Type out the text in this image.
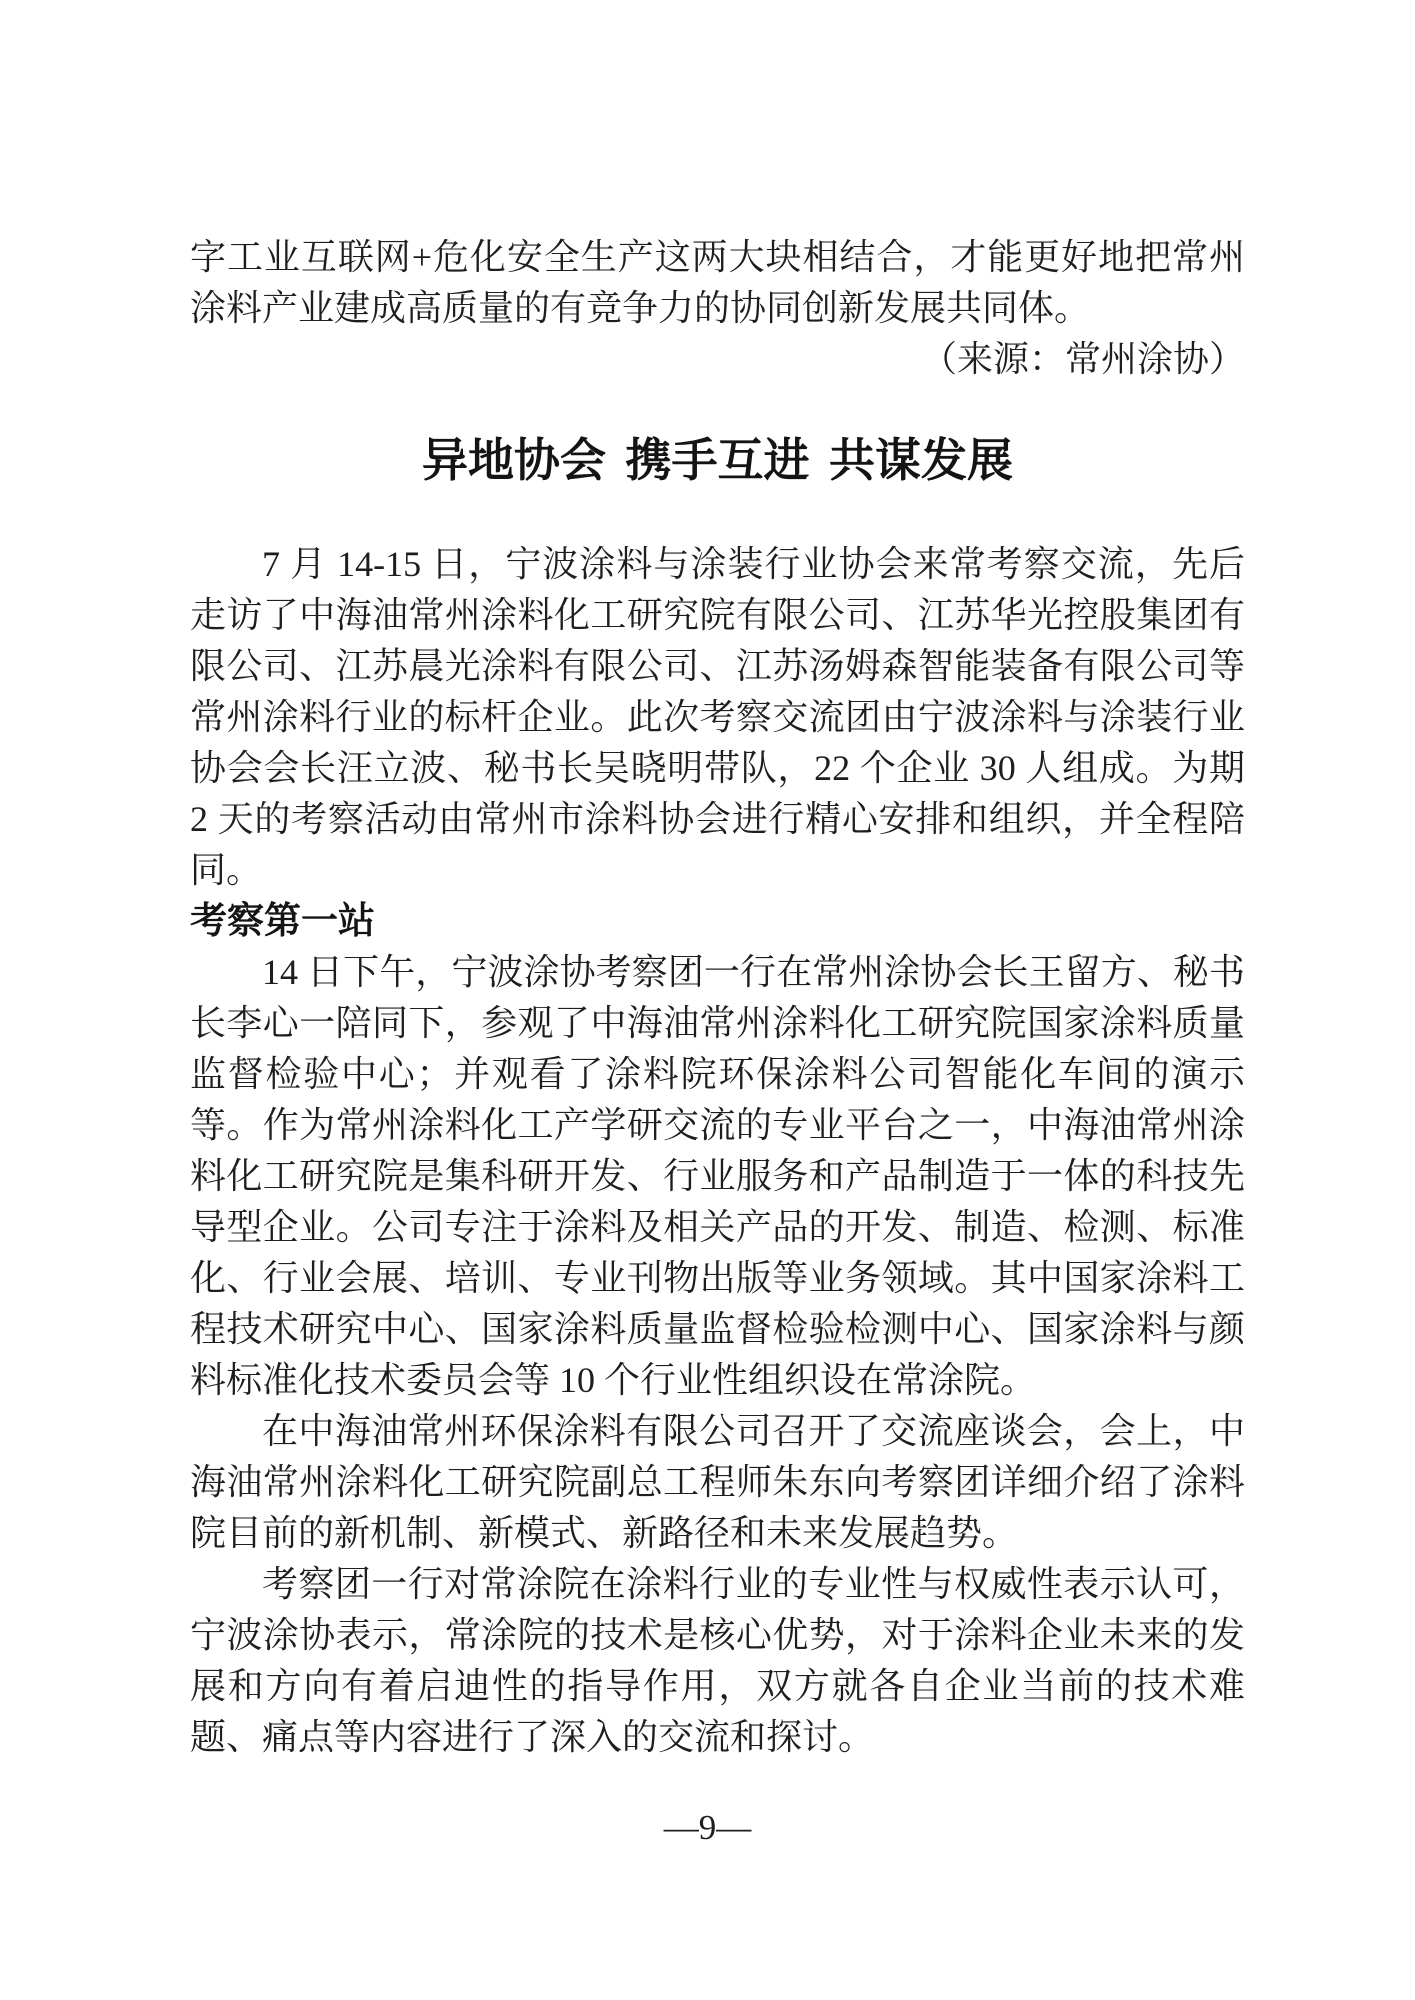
字工业互联网+危化安全生产这两大块相结合，才能更好地把常州涂料产业建成高质量的有竞争力的协同创新发展共同体。

（来源：常州涂协）

异地协会 携手互进 共谋发展

7 月 14-15 日，宁波涂料与涂装行业协会来常考察交流，先后走访了中海油常州涂料化工研究院有限公司、江苏华光控股集团有限公司、江苏晨光涂料有限公司、江苏汤姆森智能装备有限公司等常州涂料行业的标杆企业。此次考察交流团由宁波涂料与涂装行业协会会长汪立波、秘书长吴晓明带队，22 个企业 30 人组成。为期 2 天的考察活动由常州市涂料协会进行精心安排和组织，并全程陪同。

考察第一站

14 日下午，宁波涂协考察团一行在常州涂协会长王留方、秘书长李心一陪同下，参观了中海油常州涂料化工研究院国家涂料质量监督检验中心；并观看了涂料院环保涂料公司智能化车间的演示等。作为常州涂料化工产学研交流的专业平台之一，中海油常州涂料化工研究院是集科研开发、行业服务和产品制造于一体的科技先导型企业。公司专注于涂料及相关产品的开发、制造、检测、标准化、行业会展、培训、专业刊物出版等业务领域。其中国家涂料工程技术研究中心、国家涂料质量监督检验检测中心、国家涂料与颜料标准化技术委员会等 10 个行业性组织设在常涂院。

在中海油常州环保涂料有限公司召开了交流座谈会，会上，中海油常州涂料化工研究院副总工程师朱东向考察团详细介绍了涂料院目前的新机制、新模式、新路径和未来发展趋势。

考察团一行对常涂院在涂料行业的专业性与权威性表示认可，宁波涂协表示，常涂院的技术是核心优势，对于涂料企业未来的发展和方向有着启迪性的指导作用，双方就各自企业当前的技术难题、痛点等内容进行了深入的交流和探讨。

—9—
